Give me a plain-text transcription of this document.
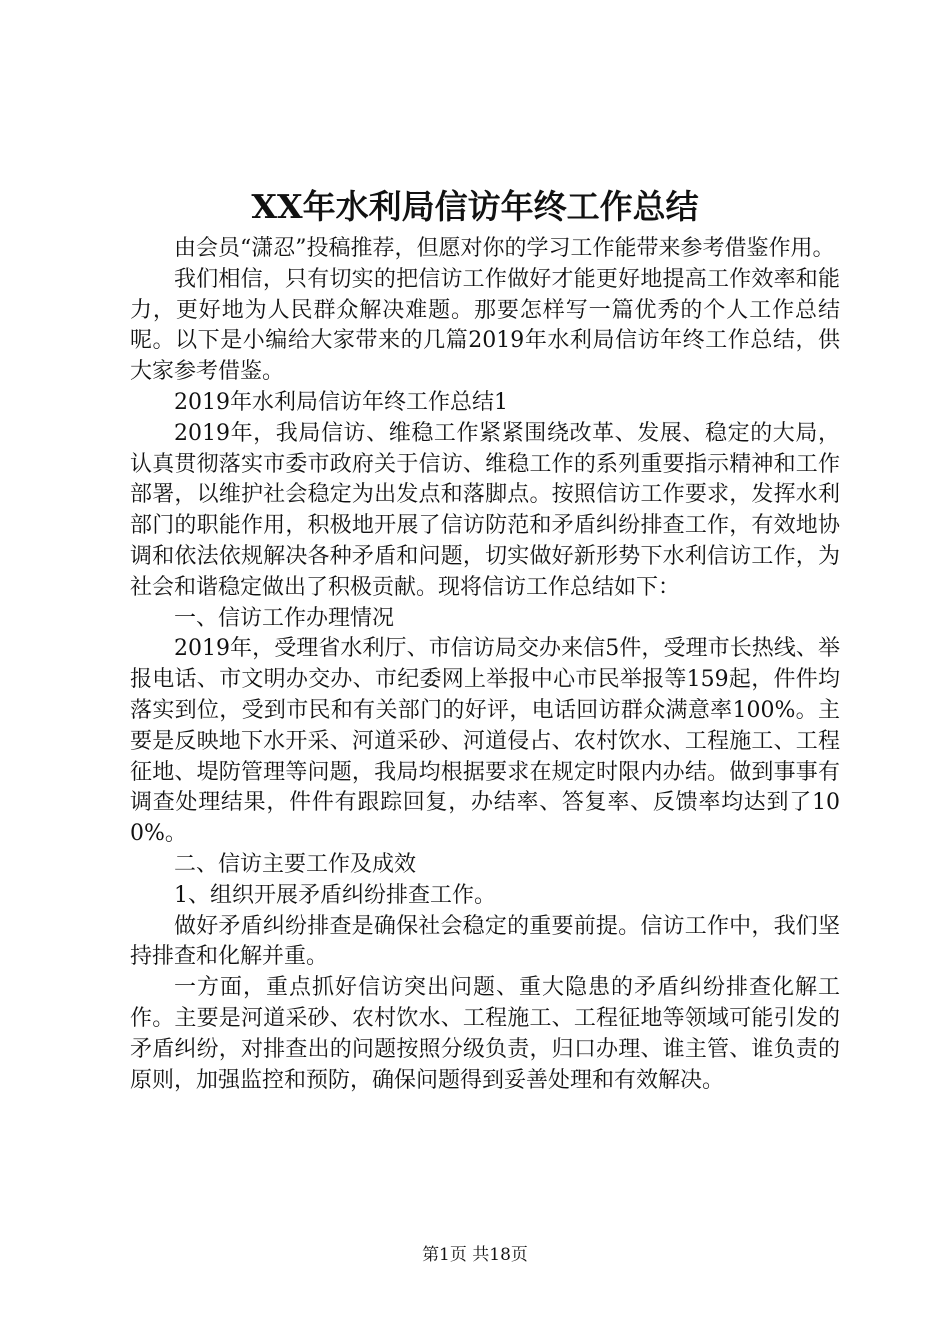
XX年水利局信访年终工作总结

由会员“潇忍”投稿推荐，但愿对你的学习工作能带来参考借鉴作用。

我们相信，只有切实的把信访工作做好才能更好地提高工作效率和能力，更好地为人民群众解决难题。那要怎样写一篇优秀的个人工作总结呢。以下是小编给大家带来的几篇2019年水利局信访年终工作总结，供大家参考借鉴。

2019年水利局信访年终工作总结1

2019年，我局信访、维稳工作紧紧围绕改革、发展、稳定的大局，认真贯彻落实市委市政府关于信访、维稳工作的系列重要指示精神和工作部署，以维护社会稳定为出发点和落脚点。按照信访工作要求，发挥水利部门的职能作用，积极地开展了信访防范和矛盾纠纷排查工作，有效地协调和依法依规解决各种矛盾和问题，切实做好新形势下水利信访工作，为社会和谐稳定做出了积极贡献。现将信访工作总结如下：

一、信访工作办理情况

2019年，受理省水利厅、市信访局交办来信5件，受理市长热线、举报电话、市文明办交办、市纪委网上举报中心市民举报等159起，件件均落实到位，受到市民和有关部门的好评，电话回访群众满意率100%。主要是反映地下水开采、河道采砂、河道侵占、农村饮水、工程施工、工程征地、堤防管理等问题，我局均根据要求在规定时限内办结。做到事事有调查处理结果，件件有跟踪回复，办结率、答复率、反馈率均达到了100%。

二、信访主要工作及成效

1、组织开展矛盾纠纷排查工作。

做好矛盾纠纷排查是确保社会稳定的重要前提。信访工作中，我们坚持排查和化解并重。

一方面，重点抓好信访突出问题、重大隐患的矛盾纠纷排查化解工作。主要是河道采砂、农村饮水、工程施工、工程征地等领域可能引发的矛盾纠纷，对排查出的问题按照分级负责，归口办理、谁主管、谁负责的原则，加强监控和预防，确保问题得到妥善处理和有效解决。

第1页 共18页
